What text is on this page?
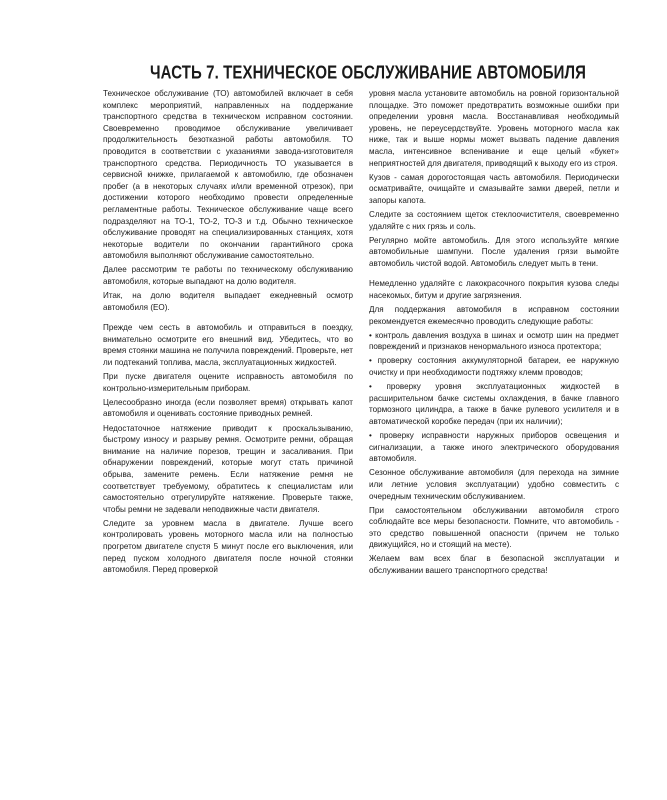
ЧАСТЬ 7. ТЕХНИЧЕСКОЕ ОБСЛУЖИВАНИЕ АВТОМОБИЛЯ

Техническое обслуживание (ТО) автомобилей включает в себя комплекс мероприятий, направленных на поддержание транспортного средства в техническом исправном состоянии. Своевременно проводимое обслуживание увеличивает продолжительность безотказной работы автомобиля. ТО проводится в соответствии с указаниями завода-изготовителя транспортного средства. Периодичность ТО указывается в сервисной книжке, прилагаемой к автомобилю, где обозначен пробег (а в некоторых случаях и/или временной отрезок), при достижении которого необходимо провести определенные регламентные работы. Техническое обслуживание чаще всего подразделяют на ТО-1, ТО-2, ТО-3 и т.д. Обычно техническое обслуживание проводят на специализированных станциях, хотя некоторые водители по окончании гарантийного срока автомобиля выполняют обслуживание самостоятельно.

Далее рассмотрим те работы по техническому обслуживанию автомобиля, которые выпадают на долю водителя.

Итак, на долю водителя выпадает ежедневный осмотр автомобиля (ЕО).

Прежде чем сесть в автомобиль и отправиться в поездку, внимательно осмотрите его внешний вид. Убедитесь, что во время стоянки машина не получила повреждений. Проверьте, нет ли подтеканий топлива, масла, эксплуатационных жидкостей.

При пуске двигателя оцените исправность автомобиля по контрольно-измерительным приборам.

Целесообразно иногда (если позволяет время) открывать капот автомобиля и оценивать состояние приводных ремней.

Недостаточное натяжение приводит к проскальзыванию, быстрому износу и разрыву ремня. Осмотрите ремни, обращая внимание на наличие порезов, трещин и засаливания. При обнаружении повреждений, которые могут стать причиной обрыва, замените ремень. Если натяжение ремня не соответствует требуемому, обратитесь к специалистам или самостоятельно отрегулируйте натяжение. Проверьте также, чтобы ремни не задевали неподвижные части двигателя.

Следите за уровнем масла в двигателе. Лучше всего контролировать уровень моторного масла или на полностью прогретом двигателе спустя 5 минут после его выключения, или перед пуском холодного двигателя после ночной стоянки автомобиля. Перед проверкой

уровня масла установите автомобиль на ровной горизонтальной площадке. Это поможет предотвратить возможные ошибки при определении уровня масла. Восстанавливая необходимый уровень, не переусердствуйте. Уровень моторного масла как ниже, так и выше нормы может вызвать падение давления масла, интенсивное вспенивание и еще целый «букет» неприятностей для двигателя, приводящий к выходу его из строя.

Кузов - самая дорогостоящая часть автомобиля. Периодически осматривайте, очищайте и смазывайте замки дверей, петли и запоры капота.

Следите за состоянием щеток стеклоочистителя, своевременно удаляйте с них грязь и соль.

Регулярно мойте автомобиль. Для этого используйте мягкие автомобильные шампуни. После удаления грязи вымойте автомобиль чистой водой. Автомобиль следует мыть в тени.

Немедленно удаляйте с лакокрасочного покрытия кузова следы насекомых, битум и другие загрязнения.

Для поддержания автомобиля в исправном состоянии рекомендуется ежемесячно проводить следующие работы:

• контроль давления воздуха в шинах и осмотр шин на предмет повреждений и признаков ненормального износа протектора;

• проверку состояния аккумуляторной батареи, ее наружную очистку и при необходимости подтяжку клемм проводов;

• проверку уровня эксплуатационных жидкостей в расширительном бачке системы охлаждения, в бачке главного тормозного цилиндра, а также в бачке рулевого усилителя и в автоматической коробке передач (при их наличии);

• проверку исправности наружных приборов освещения и сигнализации, а также иного электрического оборудования автомобиля.

Сезонное обслуживание автомобиля (для перехода на зимние или летние условия эксплуатации) удобно совместить с очередным техническим обслуживанием.

При самостоятельном обслуживании автомобиля строго соблюдайте все меры безопасности. Помните, что автомобиль - это средство повышенной опасности (причем не только движущийся, но и стоящий на месте).

Желаем вам всех благ в безопасной эксплуатации и обслуживании вашего транспортного средства!
